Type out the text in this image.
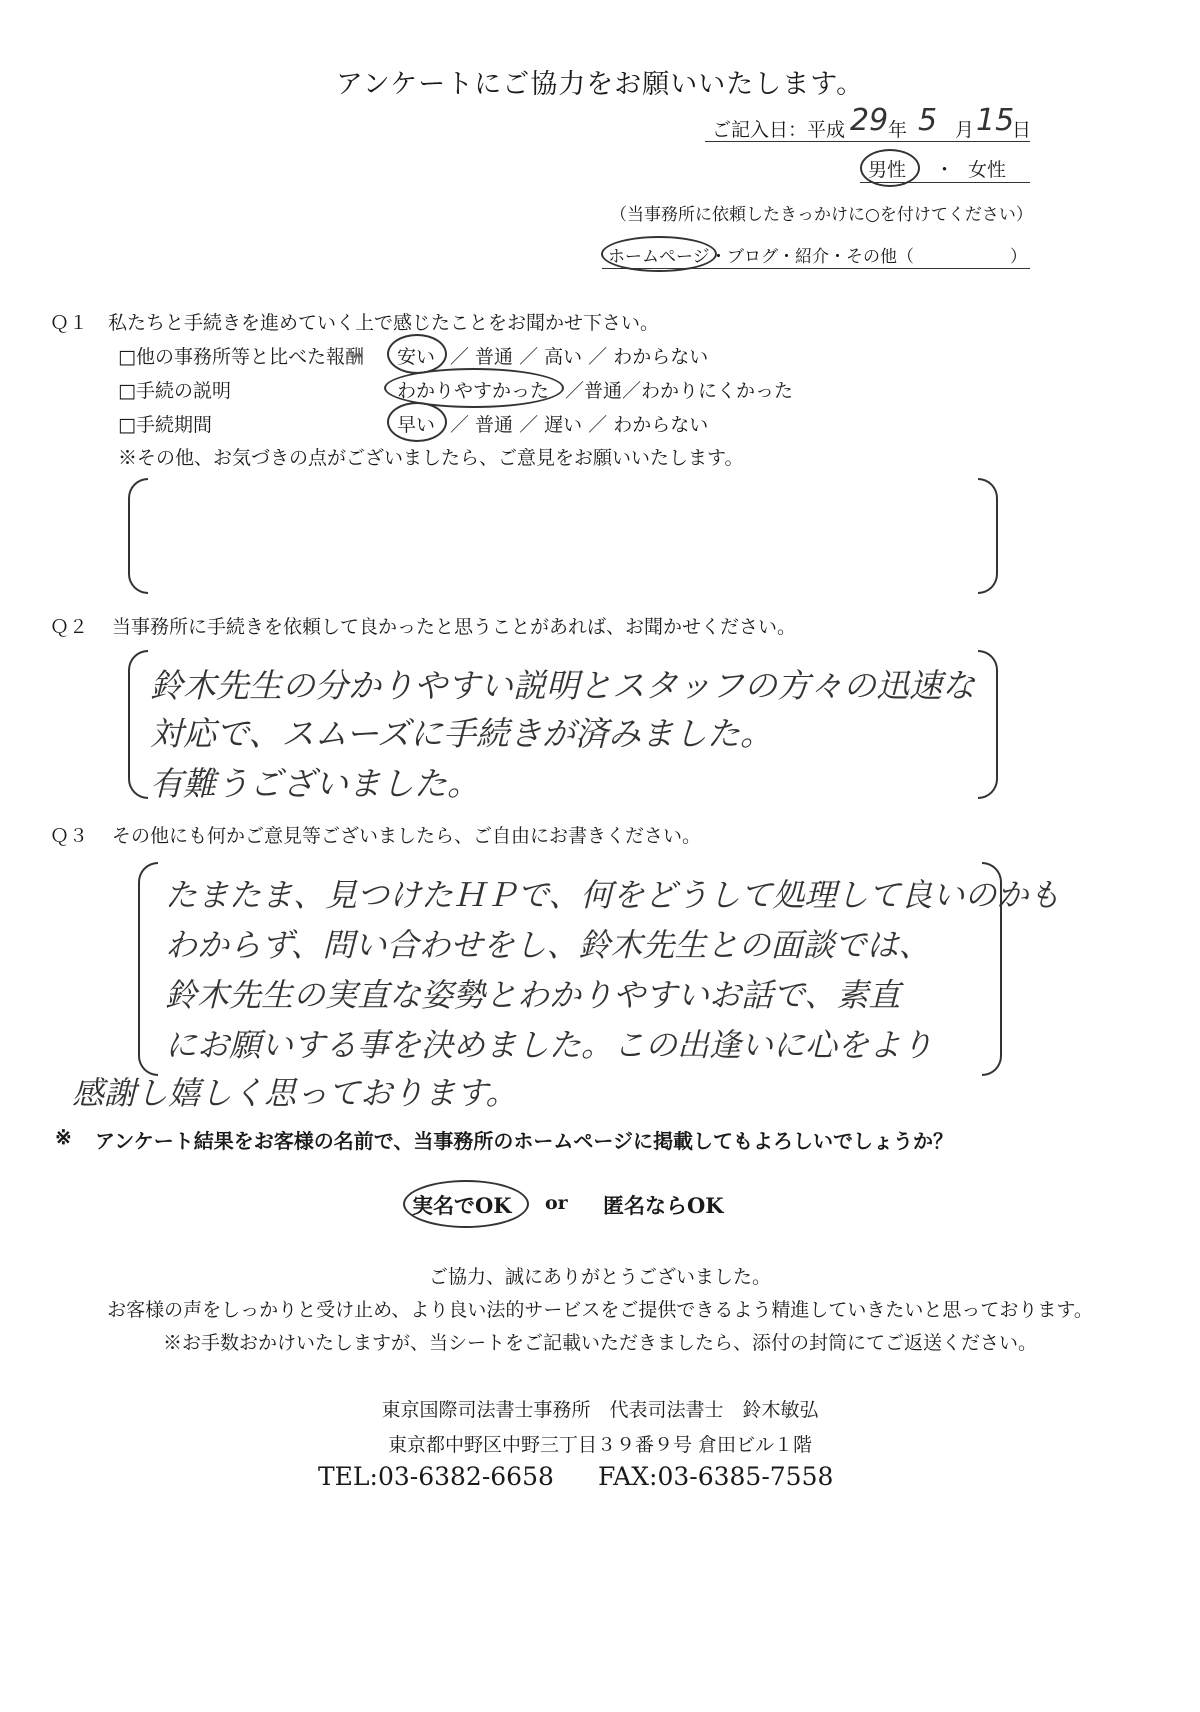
アンケートにご協力をお願いいたします。
ご記入日：平成 29 年 5 月 15
日
男性 ・ 女性
（当事務所に依頼したきっかけに○を付けてください）
ホームページ ・ブログ・紹介・その他（	）
Ｑ１ 私たちと手続きを進めていく上で感じたことをお聞かせ下さい。
□他の事務所等と比べた報酬 安い ／ 普通 ／ 高い ／ わからない
□手続の説明	わかりやすかった ／普通／わかりにくかった
□手続期間	早い ／ 普通 ／ 遅い ／ わからない
※その他、お気づきの点がございましたら、ご意見をお願いいたします。
Ｑ２ 当事務所に手続きを依頼して良かったと思うことがあれば、お聞かせください。
鈴木先生の分かりやすい説明とスタッフの方々の迅速な
対応で、スムーズに手続きが済みました。
有難うございました。
Ｑ３ その他にも何かご意見等ございましたら、ご自由にお書きください。
たまたま、見つけたＨＰで、何をどうして処理して良いのかも
わからず、問い合わせをし、鈴木先生との面談では、
鈴木先生の実直な姿勢とわかりやすいお話で、素直
にお願いする事を決めました。この出逢いに心をより
感謝し嬉しく思っております。
※ アンケート結果をお客様の名前で、当事務所のホームページに掲載してもよろしいでしょうか？
実名でOK or 匿名ならOK
ご協力、誠にありがとうございました。
お客様の声をしっかりと受け止め、より良い法的サービスをご提供できるよう精進していきたいと思っております。
※お手数おかけいたしますが、当シートをご記載いただきましたら、添付の封筒にてご返送ください。
東京国際司法書士事務所　代表司法書士　鈴木敏弘
東京都中野区中野三丁目３９番９号 倉田ビル１階
TEL:03-6382-6658 FAX:03-6385-7558
